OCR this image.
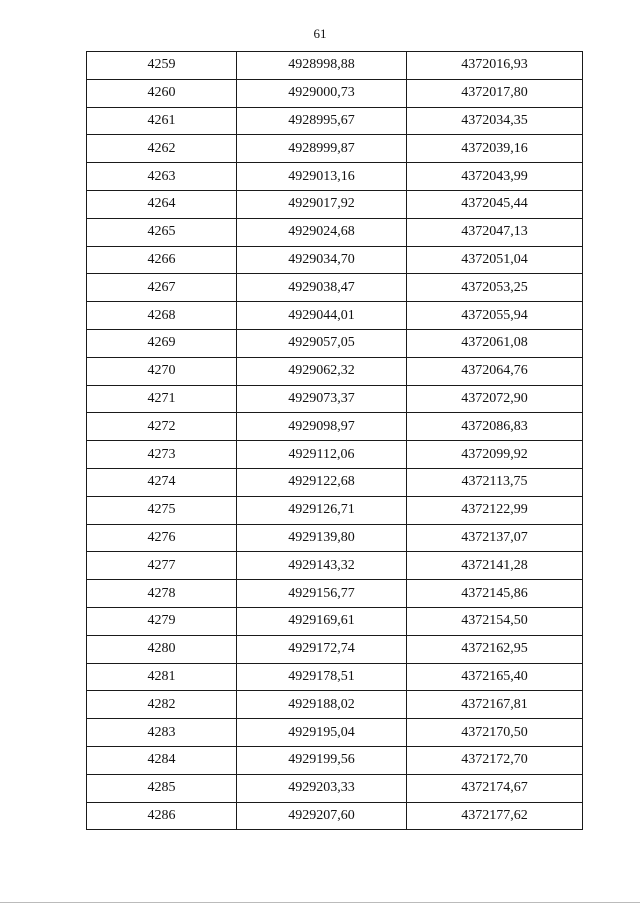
61
4259	4928998,88	4372016,93
4260	4929000,73	4372017,80
4261	4928995,67	4372034,35
4262	4928999,87	4372039,16
4263	4929013,16	4372043,99
4264	4929017,92	4372045,44
4265	4929024,68	4372047,13
4266	4929034,70	4372051,04
4267	4929038,47	4372053,25
4268	4929044,01	4372055,94
4269	4929057,05	4372061,08
4270	4929062,32	4372064,76
4271	4929073,37	4372072,90
4272	4929098,97	4372086,83
4273	4929112,06	4372099,92
4274	4929122,68	4372113,75
4275	4929126,71	4372122,99
4276	4929139,80	4372137,07
4277	4929143,32	4372141,28
4278	4929156,77	4372145,86
4279	4929169,61	4372154,50
4280	4929172,74	4372162,95
4281	4929178,51	4372165,40
4282	4929188,02	4372167,81
4283	4929195,04	4372170,50
4284	4929199,56	4372172,70
4285	4929203,33	4372174,67
4286	4929207,60	4372177,62
